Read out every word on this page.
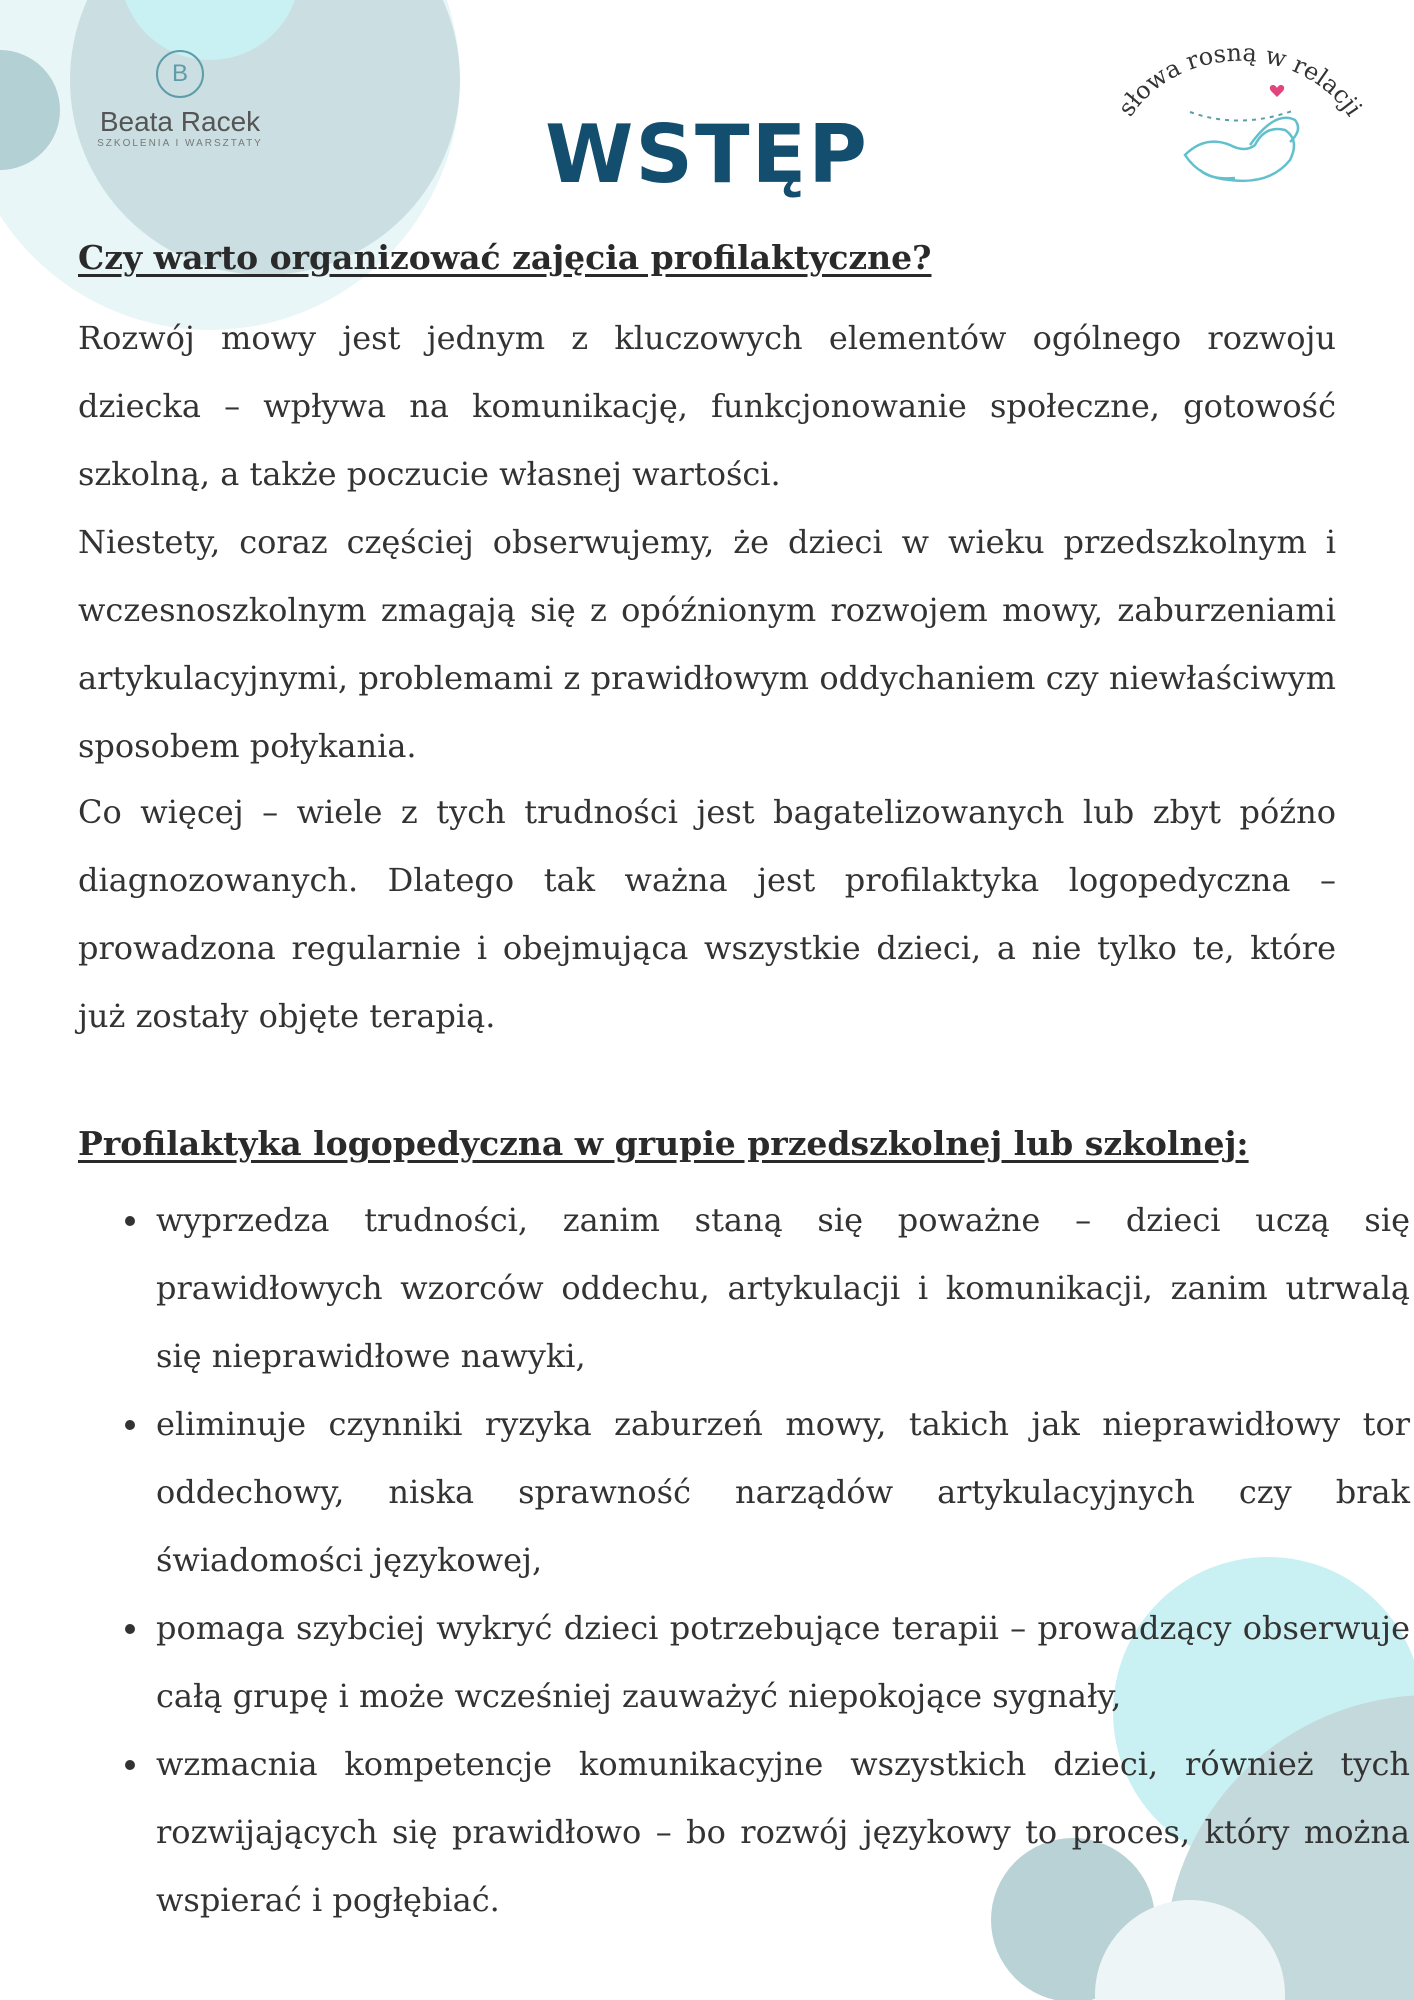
B
Beata Racek
SZKOLENIA I WARSZTATY
słowa rosną w relacji
WSTĘP
Czy warto organizować zajęcia profilaktyczne?

Rozwój mowy jest jednym z kluczowych elementów ogólnego rozwoju dziecka – wpływa na komunikację, funkcjonowanie społeczne, gotowość szkolną, a także poczucie własnej wartości.

Niestety, coraz częściej obserwujemy, że dzieci w wieku przedszkolnym i wczesnoszkolnym zmagają się z opóźnionym rozwojem mowy, zaburzeniami artykulacyjnymi, problemami z prawidłowym oddychaniem czy niewłaściwym sposobem połykania.

Co więcej – wiele z tych trudności jest bagatelizowanych lub zbyt późno diagnozowanych. Dlatego tak ważna jest profilaktyka logopedyczna – prowadzona regularnie i obejmująca wszystkie dzieci, a nie tylko te, które już zostały objęte terapią.

Profilaktyka logopedyczna w grupie przedszkolnej lub szkolnej:
• wyprzedza trudności, zanim staną się poważne – dzieci uczą się prawidłowych wzorców oddechu, artykulacji i komunikacji, zanim utrwalą się nieprawidłowe nawyki,
• eliminuje czynniki ryzyka zaburzeń mowy, takich jak nieprawidłowy tor oddechowy, niska sprawność narządów artykulacyjnych czy brak świadomości językowej,
• pomaga szybciej wykryć dzieci potrzebujące terapii – prowadzący obserwuje całą grupę i może wcześniej zauważyć niepokojące sygnały,
• wzmacnia kompetencje komunikacyjne wszystkich dzieci, również tych rozwijających się prawidłowo – bo rozwój językowy to proces, który można wspierać i pogłębiać.
